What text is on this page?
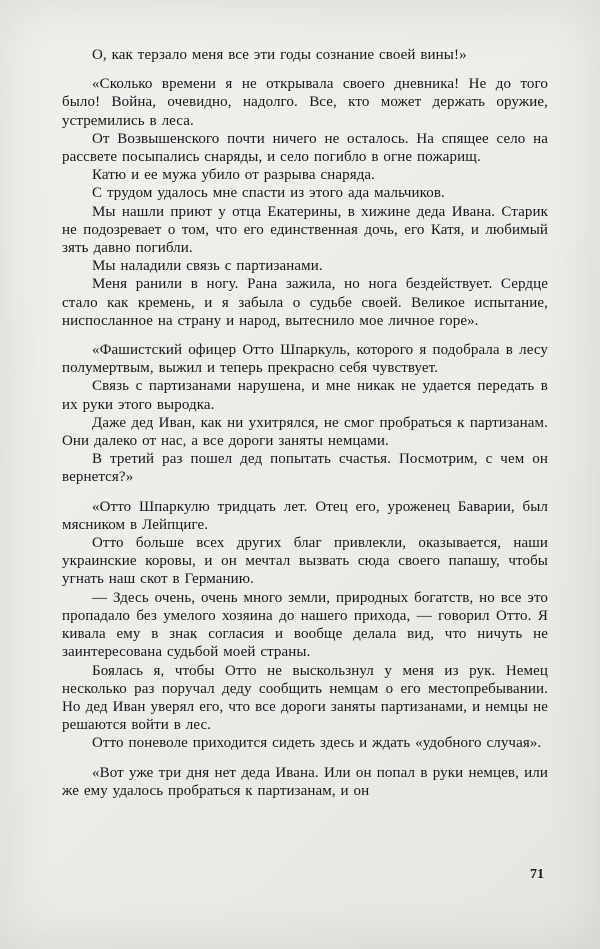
О, как терзало меня все эти годы сознание своей вины!»

«Сколько времени я не открывала своего дневника! Не до того было! Война, очевидно, надолго. Все, кто может держать оружие, устремились в леса.

От Возвышенского почти ничего не осталось. На спящее село на рассвете посыпались снаряды, и село погибло в огне пожарищ.

Катю и ее мужа убило от разрыва снаряда.

С трудом удалось мне спасти из этого ада мальчиков.

Мы нашли приют у отца Екатерины, в хижине деда Ивана. Старик не подозревает о том, что его единственная дочь, его Катя, и любимый зять давно погибли.

Мы наладили связь с партизанами.

Меня ранили в ногу. Рана зажила, но нога бездействует. Сердце стало как кремень, и я забыла о судьбе своей. Великое испытание, ниспосланное на страну и народ, вытеснило мое личное горе».

«Фашистский офицер Отто Шпаркуль, которого я подобрала в лесу полумертвым, выжил и теперь прекрасно себя чувствует.

Связь с партизанами нарушена, и мне никак не удается передать в их руки этого выродка.

Даже дед Иван, как ни ухитрялся, не смог пробраться к партизанам. Они далеко от нас, а все дороги заняты немцами.

В третий раз пошел дед попытать счастья. Посмотрим, с чем он вернется?»

«Отто Шпаркулю тридцать лет. Отец его, уроженец Баварии, был мясником в Лейпциге.

Отто больше всех других благ привлекли, оказывается, наши украинские коровы, и он мечтал вызвать сюда своего папашу, чтобы угнать наш скот в Германию.

— Здесь очень, очень много земли, природных богатств, но все это пропадало без умелого хозяина до нашего прихода, — говорил Отто. Я кивала ему в знак согласия и вообще делала вид, что ничуть не заинтересована судьбой моей страны.

Боялась я, чтобы Отто не выскользнул у меня из рук. Немец несколько раз поручал деду сообщить немцам о его местопребывании. Но дед Иван уверял его, что все дороги заняты партизанами, и немцы не решаются войти в лес.

Отто поневоле приходится сидеть здесь и ждать «удобного случая».

«Вот уже три дня нет деда Ивана. Или он попал в руки немцев, или же ему удалось пробраться к партизанам, и он

71
